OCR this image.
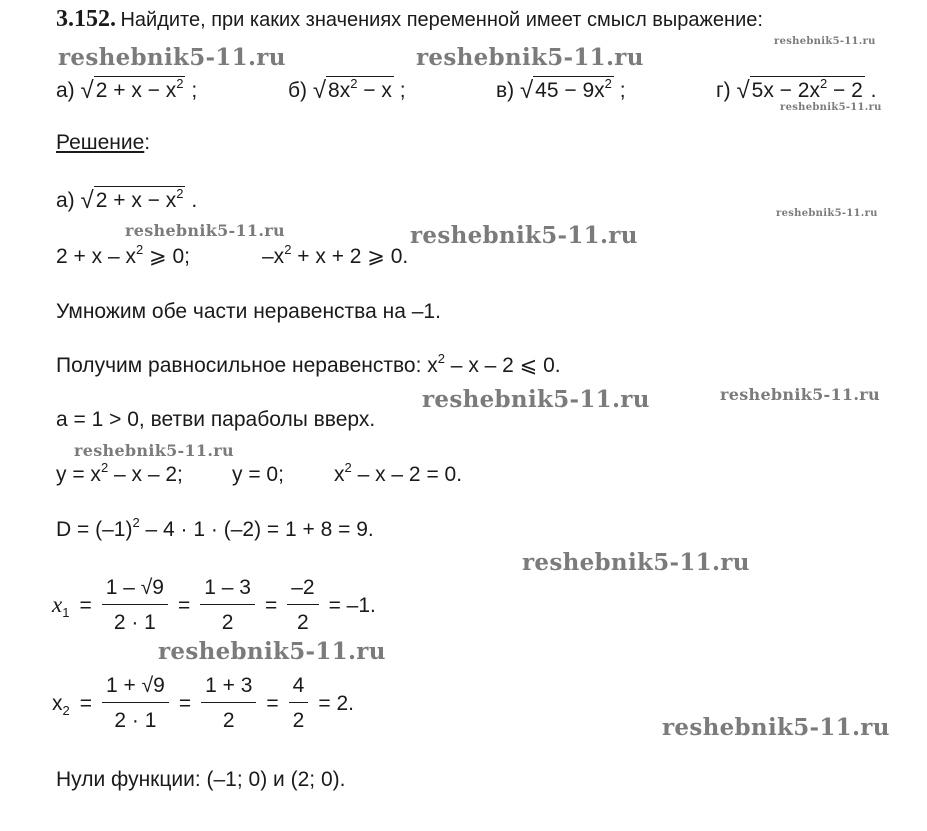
3.152. Найдите, при каких значениях переменной имеет смысл выражение:
а) $√2 + x - x^2$ ;	б) $√8x^2 - x$ ;	в) $√45 - 9x^2$ ;	г) $√5x - 2x^2 - 2$ .
Решение:
а) $√2 + x - x^2$ .
$2 + x - x^2$ ⩾ 0;	$-x^2 + x + 2$ ⩾ 0.
Умножим обе части неравенства на –1.
Получим равносильное неравенство: $x^2$ – x – 2 ⩽ 0.
a = 1 > 0, ветви параболы вверх.
$y = x^2 - x - 2$; y = 0; $x^2 - x - 2 = 0$.
$D = (-1)^2 - 4 \cdot 1 \cdot (-2) = 1 + 8 = 9$.
$x_1 = \frac{1 - √9}{2 \cdot 1} = \frac{1 - 3}{2} = \frac{-2}{2} = -1$.
$x_2 = \frac{1 + √9}{2 \cdot 1} = \frac{1 + 3}{2} = \frac{4}{2} = 2$.
Нули функции: (–1; 0) и (2; 0).
reshebnik5-11.ru	reshebnik5-11.ru
reshebnik5-11.ru
reshebnik5-11.ru
reshebnik5-11.ru	reshebnik5-11.ru
reshebnik5-11.ru
reshebnik5-11.ru	reshebnik5-11.ru
reshebnik5-11.ru
reshebnik5-11.ru
reshebnik5-11.ru
reshebnik5-11.ru
